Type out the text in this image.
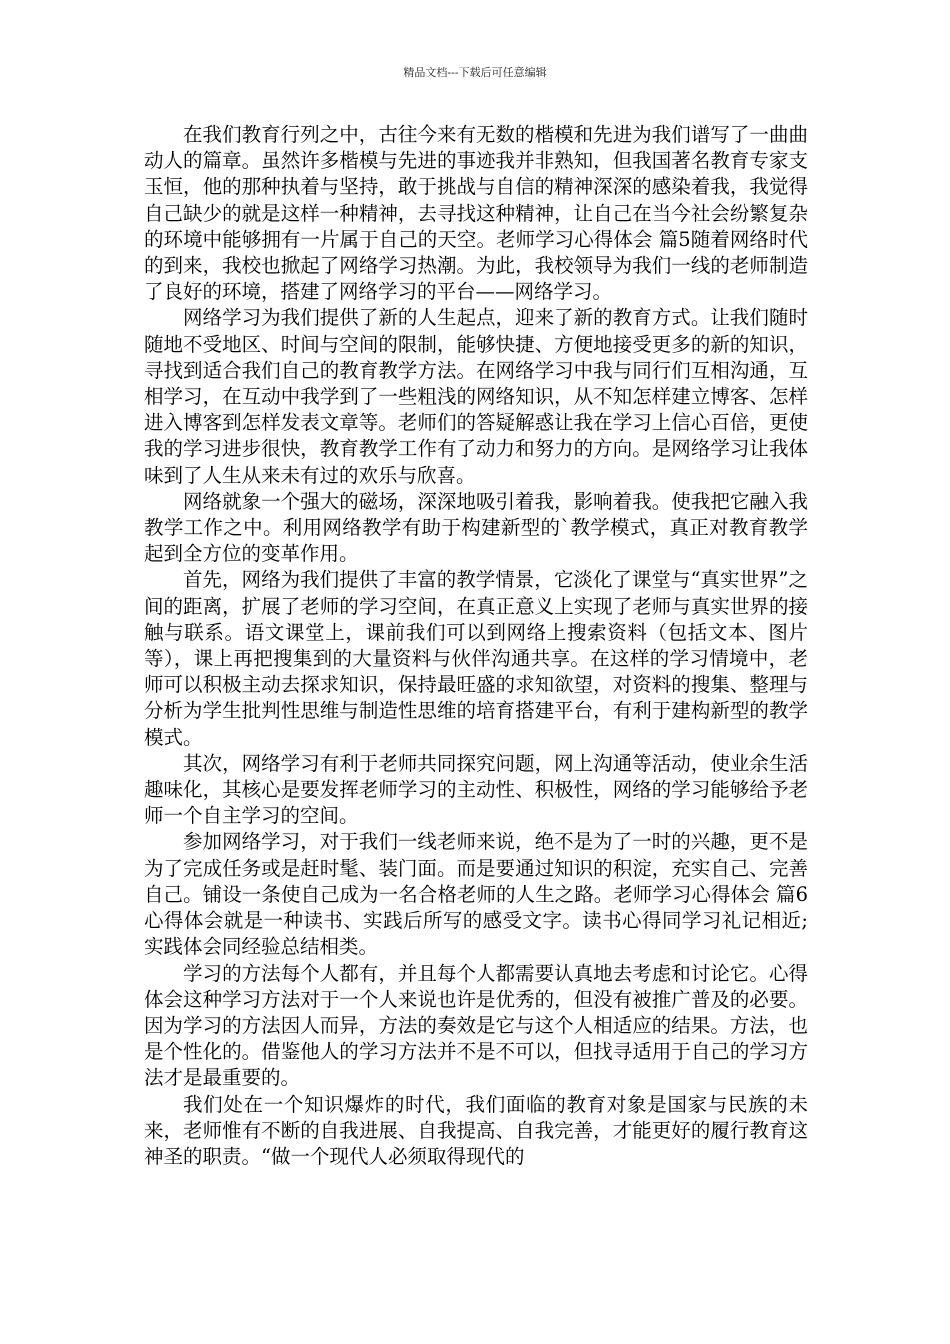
精品文档---下载后可任意编辑

在我们教育行列之中，古往今来有无数的楷模和先进为我们谱写了一曲曲动人的篇章。虽然许多楷模与先进的事迹我并非熟知，但我国著名教育专家支玉恒，他的那种执着与坚持，敢于挑战与自信的精神深深的感染着我，我觉得自己缺少的就是这样一种精神，去寻找这种精神，让自己在当今社会纷繁复杂的环境中能够拥有一片属于自己的天空。老师学习心得体会 篇5随着网络时代的到来，我校也掀起了网络学习热潮。为此，我校领导为我们一线的老师制造了良好的环境，搭建了网络学习的平台——网络学习。

网络学习为我们提供了新的人生起点，迎来了新的教育方式。让我们随时随地不受地区、时间与空间的限制，能够快捷、方便地接受更多的新的知识，寻找到适合我们自己的教育教学方法。在网络学习中我与同行们互相沟通，互相学习，在互动中我学到了一些粗浅的网络知识，从不知怎样建立博客、怎样进入博客到怎样发表文章等。老师们的答疑解惑让我在学习上信心百倍，更使我的学习进步很快，教育教学工作有了动力和努力的方向。是网络学习让我体味到了人生从来未有过的欢乐与欣喜。

网络就象一个强大的磁场，深深地吸引着我，影响着我。使我把它融入我教学工作之中。利用网络教学有助于构建新型的`教学模式，真正对教育教学起到全方位的变革作用。

首先，网络为我们提供了丰富的教学情景，它淡化了课堂与“真实世界”之间的距离，扩展了老师的学习空间，在真正意义上实现了老师与真实世界的接触与联系。语文课堂上，课前我们可以到网络上搜索资料（包括文本、图片等），课上再把搜集到的大量资料与伙伴沟通共享。在这样的学习情境中，老师可以积极主动去探求知识，保持最旺盛的求知欲望，对资料的搜集、整理与分析为学生批判性思维与制造性思维的培育搭建平台，有利于建构新型的教学模式。

其次，网络学习有利于老师共同探究问题，网上沟通等活动，使业余生活趣味化，其核心是要发挥老师学习的主动性、积极性，网络的学习能够给予老师一个自主学习的空间。

参加网络学习，对于我们一线老师来说，绝不是为了一时的兴趣，更不是为了完成任务或是赶时髦、装门面。而是要通过知识的积淀，充实自己、完善自己。铺设一条使自己成为一名合格老师的人生之路。老师学习心得体会 篇6心得体会就是一种读书、实践后所写的感受文字。读书心得同学习礼记相近;实践体会同经验总结相类。

学习的方法每个人都有，并且每个人都需要认真地去考虑和讨论它。心得体会这种学习方法对于一个人来说也许是优秀的，但没有被推广普及的必要。因为学习的方法因人而异，方法的奏效是它与这个人相适应的结果。方法，也是个性化的。借鉴他人的学习方法并不是不可以，但找寻适用于自己的学习方法才是最重要的。

我们处在一个知识爆炸的时代，我们面临的教育对象是国家与民族的未来，老师惟有不断的自我进展、自我提高、自我完善，才能更好的履行教育这神圣的职责。“做一个现代人必须取得现代的
